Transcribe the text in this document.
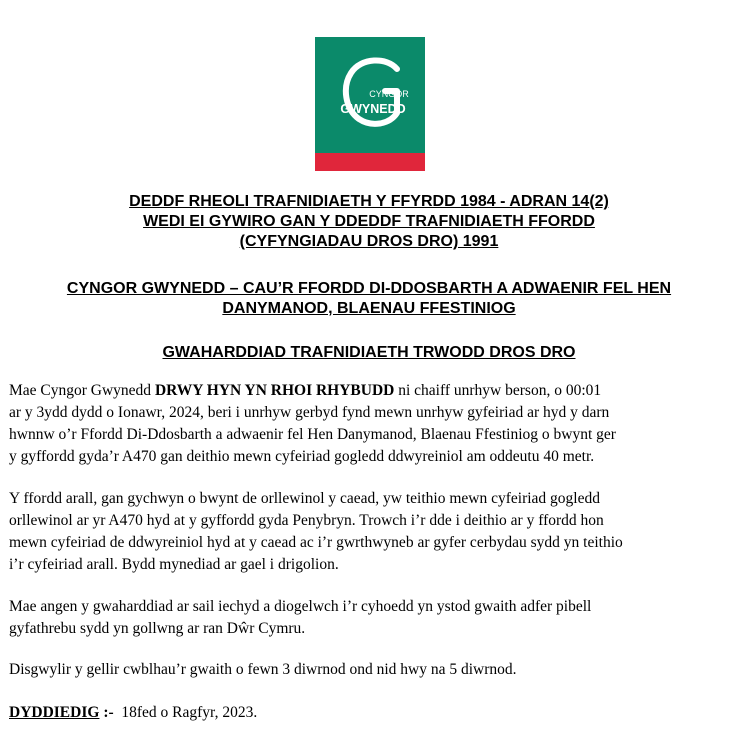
CYNGOR
GWYNEDD
DEDDF RHEOLI TRAFNIDIAETH Y FFYRDD 1984 - ADRAN 14(2)
WEDI EI GYWIRO GAN Y DDEDDF TRAFNIDIAETH FFORDD
(CYFYNGIADAU DROS DRO) 1991
CYNGOR GWYNEDD – CAU’R FFORDD DI-DDOSBARTH A ADWAENIR FEL HEN
DANYMANOD, BLAENAU FFESTINIOG
GWAHARDDIAD TRAFNIDIAETH TRWODD DROS DRO
Mae Cyngor Gwynedd DRWY HYN YN RHOI RHYBUDD ni chaiff unrhyw berson, o 00:01
ar y 3ydd dydd o Ionawr, 2024, beri i unrhyw gerbyd fynd mewn unrhyw gyfeiriad ar hyd y darn
hwnnw o’r Ffordd Di-Ddosbarth a adwaenir fel Hen Danymanod, Blaenau Ffestiniog o bwynt ger
y gyffordd gyda’r A470 gan deithio mewn cyfeiriad gogledd ddwyreiniol am oddeutu 40 metr.
Y ffordd arall, gan gychwyn o bwynt de orllewinol y caead, yw teithio mewn cyfeiriad gogledd
orllewinol ar yr A470 hyd at y gyffordd gyda Penybryn. Trowch i’r dde i deithio ar y ffordd hon
mewn cyfeiriad de ddwyreiniol hyd at y caead ac i’r gwrthwyneb ar gyfer cerbydau sydd yn teithio
i’r cyfeiriad arall. Bydd mynediad ar gael i drigolion.
Mae angen y gwaharddiad ar sail iechyd a diogelwch i’r cyhoedd yn ystod gwaith adfer pibell
gyfathrebu sydd yn gollwng ar ran Dŵr Cymru.
Disgwylir y gellir cwblhau’r gwaith o fewn 3 diwrnod ond nid hwy na 5 diwrnod.
DYDDIEDIG :-  18fed o Ragfyr, 2023.
